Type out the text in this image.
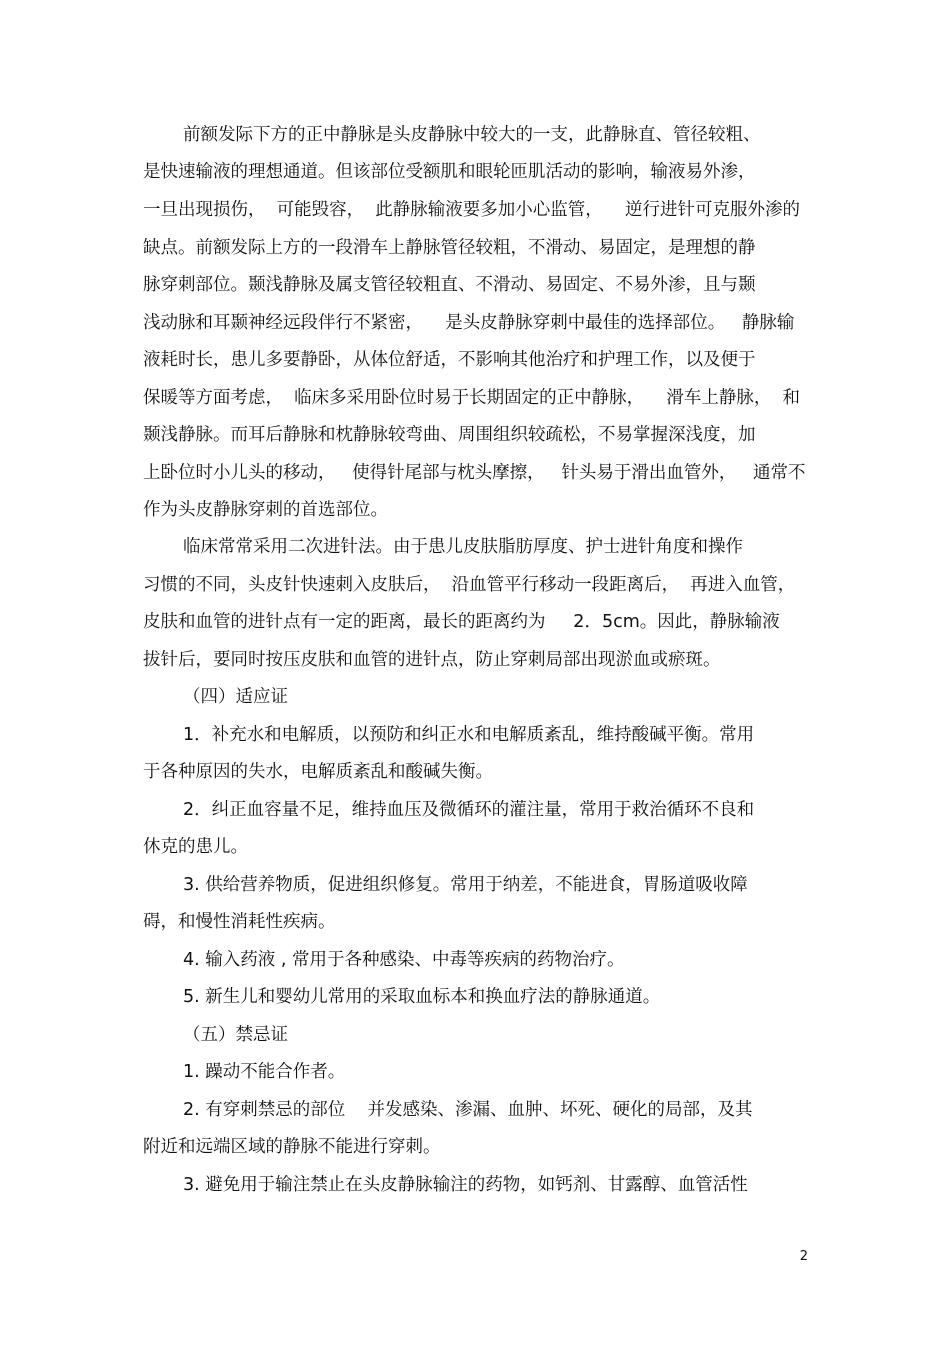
前额发际下方的正中静脉是头皮静脉中较大的一支，此静脉直、管径较粗、
是快速输液的理想通道。但该部位受额肌和眼轮匝肌活动的影响，输液易外渗，
一旦出现损伤，  可能毁容，  此静脉输液要多加小心监管，    逆行进针可克服外渗的
缺点。前额发际上方的一段滑车上静脉管径较粗，不滑动、易固定，是理想的静
脉穿刺部位。颞浅静脉及属支管径较粗直、不滑动、易固定、不易外渗，且与颞
浅动脉和耳颞神经远段伴行不紧密，    是头皮静脉穿刺中最佳的选择部位。   静脉输
液耗时长，患儿多要静卧，从体位舒适，不影响其他治疗和护理工作，以及便于
保暖等方面考虑，  临床多采用卧位时易于长期固定的正中静脉，    滑车上静脉，  和
颞浅静脉。而耳后静脉和枕静脉较弯曲、周围组织较疏松，不易掌握深浅度，加
上卧位时小儿头的移动，   使得针尾部与枕头摩擦，   针头易于滑出血管外，   通常不
作为头皮静脉穿刺的首选部位。
临床常常采用二次进针法。由于患儿皮肤脂肪厚度、护士进针角度和操作
习惯的不同，头皮针快速刺入皮肤后，  沿血管平行移动一段距离后，  再进入血管，
皮肤和血管的进针点有一定的距离，最长的距离约为     2．5cm。因此，静脉输液
拔针后，要同时按压皮肤和血管的进针点，防止穿刺局部出现淤血或瘀斑。
（四）适应证
1．补充水和电解质，以预防和纠正水和电解质紊乱，维持酸碱平衡。常用
于各种原因的失水，电解质紊乱和酸碱失衡。
2．纠正血容量不足，维持血压及微循环的灌注量，常用于救治循环不良和
休克的患儿。
3. 供给营养物质，促进组织修复。常用于纳差，不能进食，胃肠道吸收障
碍，和慢性消耗性疾病。
4. 输入药液 , 常用于各种感染、中毒等疾病的药物治疗。
5. 新生儿和婴幼儿常用的采取血标本和换血疗法的静脉通道。
（五）禁忌证
1. 躁动不能合作者。
2. 有穿刺禁忌的部位    并发感染、渗漏、血肿、坏死、硬化的局部，及其
附近和远端区域的静脉不能进行穿刺。
3. 避免用于输注禁止在头皮静脉输注的药物，如钙剂、甘露醇、血管活性
2
